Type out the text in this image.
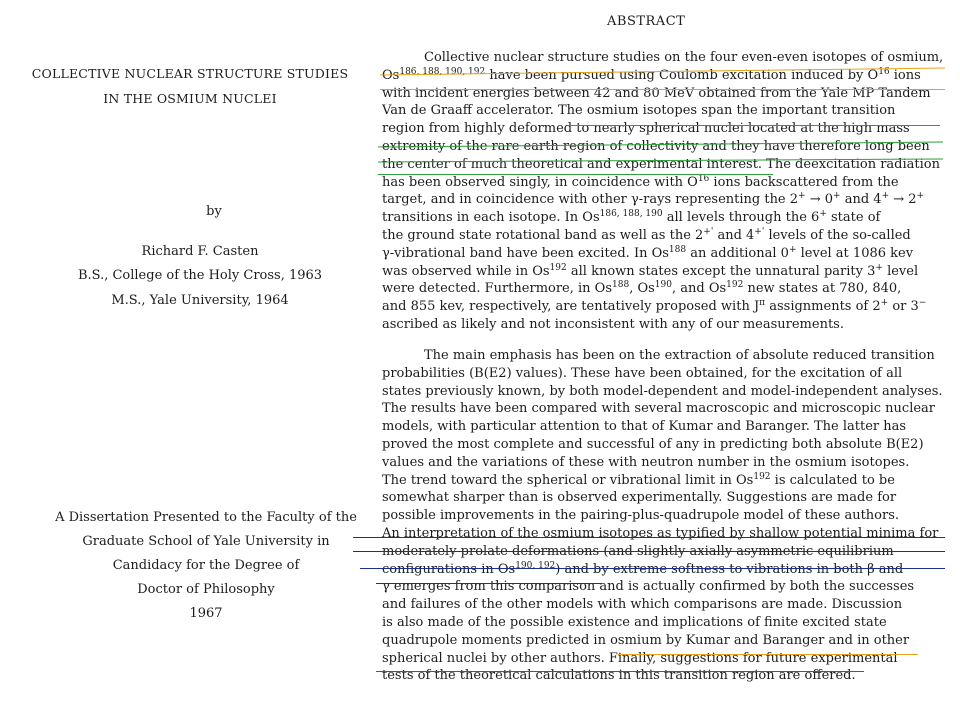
COLLECTIVE NUCLEAR STRUCTURE STUDIES
IN THE OSMIUM NUCLEI
by
Richard F. Casten
B.S., College of the Holy Cross, 1963
M.S., Yale University, 1964
A Dissertation Presented to the Faculty of the
Graduate School of Yale University in
Candidacy for the Degree of
Doctor of Philosophy
1967
ABSTRACT
Collective nuclear structure studies on the four even-even isotopes of osmium,
Os$^{186, 188, 190, 192}$ have been pursued using Coulomb excitation induced by $O^{16}$ ions
with incident energies between 42 and 80 MeV obtained from the Yale MP Tandem
Van de Graaff accelerator. The osmium isotopes span the important transition
region from highly deformed to nearly spherical nuclei located at the high mass
extremity of the rare earth region of collectivity and they have therefore long been
the center of much theoretical and experimental interest. The deexcitation radiation
has been observed singly, in coincidence with $O^{16}$ ions backscattered from the
target, and in coincidence with other γ-rays representing the 2+ → 0+ and 4+ → 2+
transitions in each isotope. In Os$^{186, 188, 190}$ all levels through the 6+ state of
the ground state rotational band as well as the 2+' and 4+' levels of the so-called
γ-vibrational band have been excited. In Os$^{188}$ an additional 0+ level at 1086 kev
was observed while in Os$^{192}$ all known states except the unnatural parity 3+ level
were detected. Furthermore, in Os$^{188}$, Os$^{190}$, and Os$^{192}$ new states at 780, 840,
and 855 kev, respectively, are tentatively proposed with $J^\pi$ assignments of 2+ or 3−
ascribed as likely and not inconsistent with any of our measurements.
The main emphasis has been on the extraction of absolute reduced transition
probabilities (B(E2) values). These have been obtained, for the excitation of all
states previously known, by both model-dependent and model-independent analyses.
The results have been compared with several macroscopic and microscopic nuclear
models, with particular attention to that of Kumar and Baranger. The latter has
proved the most complete and successful of any in predicting both absolute B(E2)
values and the variations of these with neutron number in the osmium isotopes.
The trend toward the spherical or vibrational limit in Os$^{192}$ is calculated to be
somewhat sharper than is observed experimentally. Suggestions are made for
possible improvements in the pairing-plus-quadrupole model of these authors.
An interpretation of the osmium isotopes as typified by shallow potential minima for
moderately prolate deformations (and slightly axially asymmetric equilibrium
configurations in Os$^{190, 192}$) and by extreme softness to vibrations in both β and
γ emerges from this comparison and is actually confirmed by both the successes
and failures of the other models with which comparisons are made. Discussion
is also made of the possible existence and implications of finite excited state
quadrupole moments predicted in osmium by Kumar and Baranger and in other
spherical nuclei by other authors. Finally, suggestions for future experimental
tests of the theoretical calculations in this transition region are offered.
